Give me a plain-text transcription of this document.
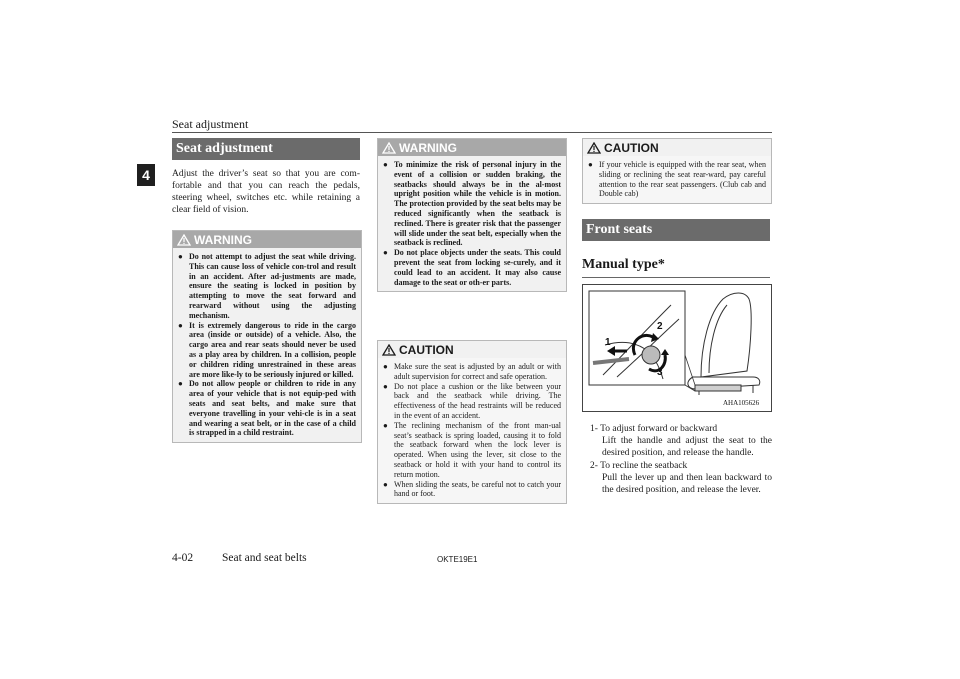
Seat adjustment
4
Seat adjustment
Adjust the driver’s seat so that you are com-fortable and that you can reach the pedals, steering wheel, switches etc. while retaining a clear field of vision.
WARNING
● Do not attempt to adjust the seat while driving. This can cause loss of vehicle con-trol and result in an accident. After ad-justments are made, ensure the seating is locked in position by attempting to move the seat forward and rearward without using the adjusting mechanism.
● It is extremely dangerous to ride in the cargo area (inside or outside) of a vehicle. Also, the cargo area and rear seats should never be used as a play area by children. In a collision, people or children riding unrestrained in these areas are more like-ly to be seriously injured or killed.
● Do not allow people or children to ride in any area of your vehicle that is not equip-ped with seats and seat belts, and make sure that everyone travelling in your vehi-cle is in a seat and wearing a seat belt, or in the case of a child is strapped in a child restraint.
WARNING
● To minimize the risk of personal injury in the event of a collision or sudden braking, the seatbacks should always be in the al-most upright position while the vehicle is in motion. The protection provided by the seat belts may be reduced significantly when the seatback is reclined. There is greater risk that the passenger will slide under the seat belt, especially when the seatback is reclined.
● Do not place objects under the seats. This could prevent the seat from locking se-curely, and it could lead to an accident. It may also cause damage to the seat or oth-er parts.
CAUTION
● Make sure the seat is adjusted by an adult or with adult supervision for correct and safe operation.
● Do not place a cushion or the like between your back and the seatback while driving. The effectiveness of the head restraints will be reduced in the event of an accident.
● The reclining mechanism of the front man-ual seat’s seatback is spring loaded, causing it to fold the seatback forward when the lock lever is operated. When using the lever, sit close to the seatback or hold it with your hand to control its return motion.
● When sliding the seats, be careful not to catch your hand or foot.
CAUTION
● If your vehicle is equipped with the rear seat, when sliding or reclining the seat rear-ward, pay careful attention to the rear seat passengers. (Club cab and Double cab)
Front seats
Manual type*
1
2
3
AHA105626
1- To adjust forward or backward
Lift the handle and adjust the seat to the desired position, and release the handle.
2- To recline the seatback
Pull the lever up and then lean backward to the desired position, and release the lever.
4-02	Seat and seat belts	OKTE19E1
